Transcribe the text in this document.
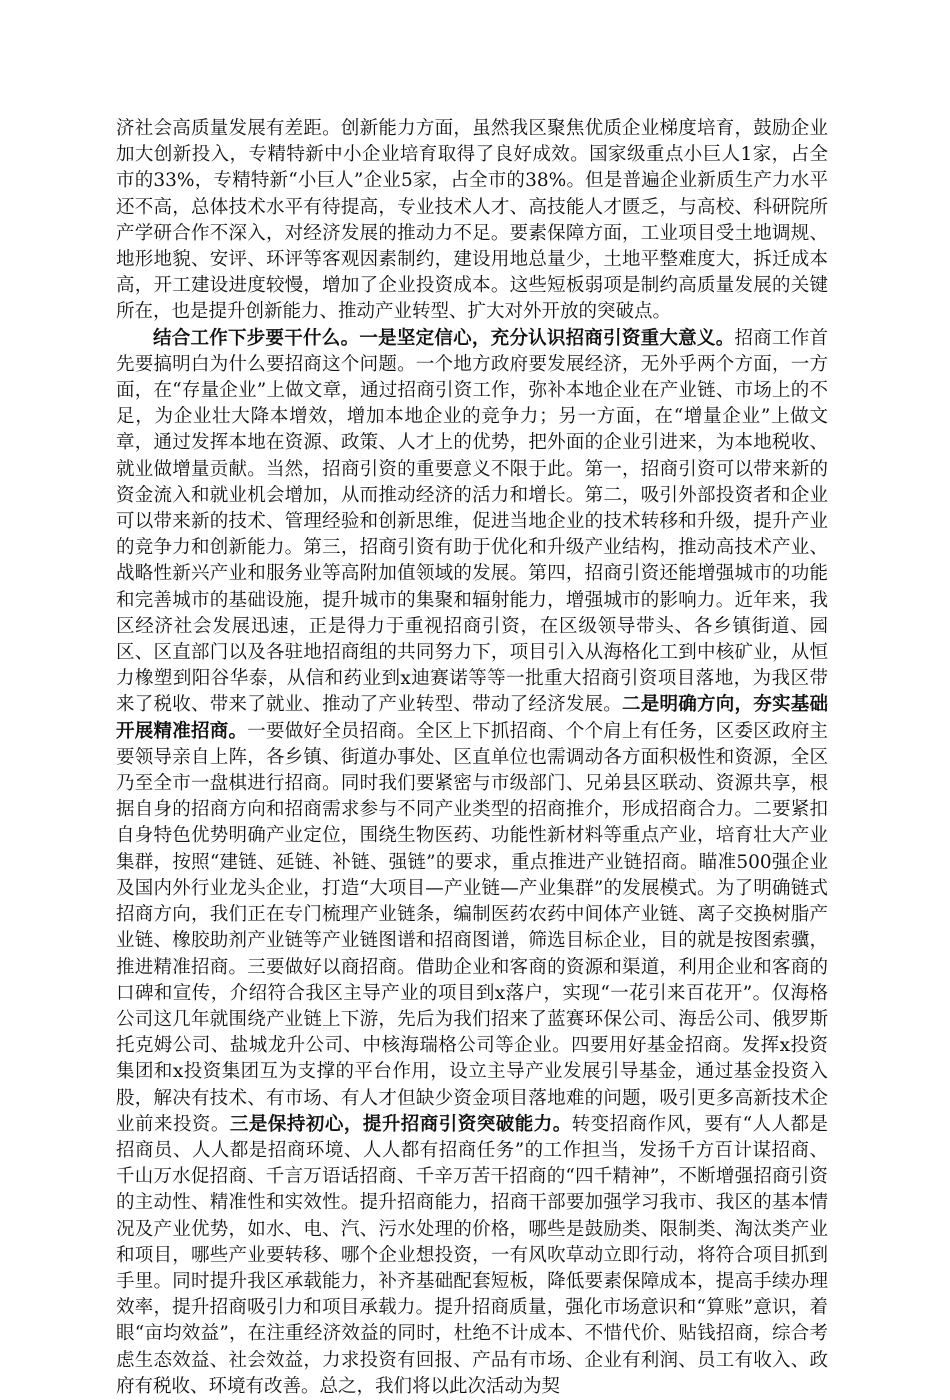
济社会高质量发展有差距。创新能力方面，虽然我区聚焦优质企业梯度培育，鼓励企业加大创新投入，专精特新中小企业培育取得了良好成效。国家级重点小巨人1家，占全市的33%，专精特新“小巨人”企业5家，占全市的38%。但是普遍企业新质生产力水平还不高，总体技术水平有待提高，专业技术人才、高技能人才匮乏，与高校、科研院所产学研合作不深入，对经济发展的推动力不足。要素保障方面，工业项目受土地调规、地形地貌、安评、环评等客观因素制约，建设用地总量少，土地平整难度大，拆迁成本高，开工建设进度较慢，增加了企业投资成本。这些短板弱项是制约高质量发展的关键所在，也是提升创新能力、推动产业转型、扩大对外开放的突破点。

结合工作下步要干什么。一是坚定信心，充分认识招商引资重大意义。招商工作首先要搞明白为什么要招商这个问题。一个地方政府要发展经济，无外乎两个方面，一方面，在“存量企业”上做文章，通过招商引资工作，弥补本地企业在产业链、市场上的不足，为企业壮大降本增效，增加本地企业的竞争力；另一方面，在“增量企业”上做文章，通过发挥本地在资源、政策、人才上的优势，把外面的企业引进来，为本地税收、就业做增量贡献。当然，招商引资的重要意义不限于此。第一，招商引资可以带来新的资金流入和就业机会增加，从而推动经济的活力和增长。第二，吸引外部投资者和企业可以带来新的技术、管理经验和创新思维，促进当地企业的技术转移和升级，提升产业的竞争力和创新能力。第三，招商引资有助于优化和升级产业结构，推动高技术产业、战略性新兴产业和服务业等高附加值领域的发展。第四，招商引资还能增强城市的功能和完善城市的基础设施，提升城市的集聚和辐射能力，增强城市的影响力。近年来，我区经济社会发展迅速，正是得力于重视招商引资，在区级领导带头、各乡镇街道、园区、区直部门以及各驻地招商组的共同努力下，项目引入从海格化工到中核矿业，从恒力橡塑到阳谷华泰，从信和药业到x迪赛诺等等一批重大招商引资项目落地，为我区带来了税收、带来了就业、推动了产业转型、带动了经济发展。二是明确方向，夯实基础开展精准招商。一要做好全员招商。全区上下抓招商、个个肩上有任务，区委区政府主要领导亲自上阵，各乡镇、街道办事处、区直单位也需调动各方面积极性和资源，全区乃至全市一盘棋进行招商。同时我们要紧密与市级部门、兄弟县区联动、资源共享，根据自身的招商方向和招商需求参与不同产业类型的招商推介，形成招商合力。二要紧扣自身特色优势明确产业定位，围绕生物医药、功能性新材料等重点产业，培育壮大产业集群，按照“建链、延链、补链、强链”的要求，重点推进产业链招商。瞄准500强企业及国内外行业龙头企业，打造“大项目—产业链—产业集群”的发展模式。为了明确链式招商方向，我们正在专门梳理产业链条，编制医药农药中间体产业链、离子交换树脂产业链、橡胶助剂产业链等产业链图谱和招商图谱，筛选目标企业，目的就是按图索骥，推进精准招商。三要做好以商招商。借助企业和客商的资源和渠道，利用企业和客商的口碑和宣传，介绍符合我区主导产业的项目到x落户，实现“一花引来百花开”。仅海格公司这几年就围绕产业链上下游，先后为我们招来了蓝赛环保公司、海岳公司、俄罗斯托克姆公司、盐城龙升公司、中核海瑞格公司等企业。四要用好基金招商。发挥x投资集团和x投资集团互为支撑的平台作用，设立主导产业发展引导基金，通过基金投资入股，解决有技术、有市场、有人才但缺少资金项目落地难的问题，吸引更多高新技术企业前来投资。三是保持初心，提升招商引资突破能力。转变招商作风，要有“人人都是招商员、人人都是招商环境、人人都有招商任务”的工作担当，发扬千方百计谋招商、千山万水促招商、千言万语话招商、千辛万苦干招商的“四千精神”，不断增强招商引资的主动性、精准性和实效性。提升招商能力，招商干部要加强学习我市、我区的基本情况及产业优势，如水、电、汽、污水处理的价格，哪些是鼓励类、限制类、淘汰类产业和项目，哪些产业要转移、哪个企业想投资，一有风吹草动立即行动，将符合项目抓到手里。同时提升我区承载能力，补齐基础配套短板，降低要素保障成本，提高手续办理效率，提升招商吸引力和项目承载力。提升招商质量，强化市场意识和“算账”意识，着眼“亩均效益”，在注重经济效益的同时，杜绝不计成本、不惜代价、贴钱招商，综合考虑生态效益、社会效益，力求投资有回报、产品有市场、企业有利润、员工有收入、政府有税收、环境有改善。总之，我们将以此次活动为契
